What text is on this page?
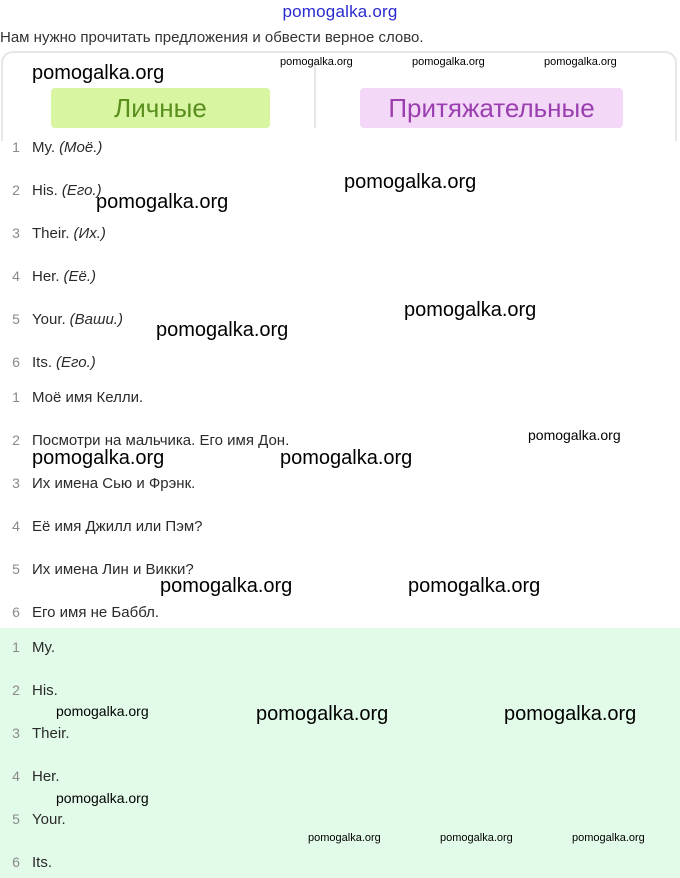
pomogalka.org
Нам нужно прочитать предложения и обвести верное слово.
Личные	Притяжательные
1 My. (Моё.)
2 His. (Его.)
3 Their. (Их.)
4 Her. (Её.)
5 Your. (Ваши.)
6 Its. (Его.)
1 Моё имя Келли.
2 Посмотри на мальчика. Его имя Дон.
3 Их имена Сью и Фрэнк.
4 Её имя Джилл или Пэм?
5 Их имена Лин и Викки?
6 Его имя не Баббл.
1 My.
2 His.
3 Their.
4 Her.
5 Your.
6 Its.
pomogalka.org	pomogalka.org	pomogalka.org	pomogalka.org
pomogalka.org
pomogalka.org
pomogalka.org
pomogalka.org
pomogalka.org
pomogalka.org	pomogalka.org
pomogalka.org	pomogalka.org
pomogalka.org	pomogalka.org	pomogalka.org
pomogalka.org
pomogalka.org	pomogalka.org	pomogalka.org
